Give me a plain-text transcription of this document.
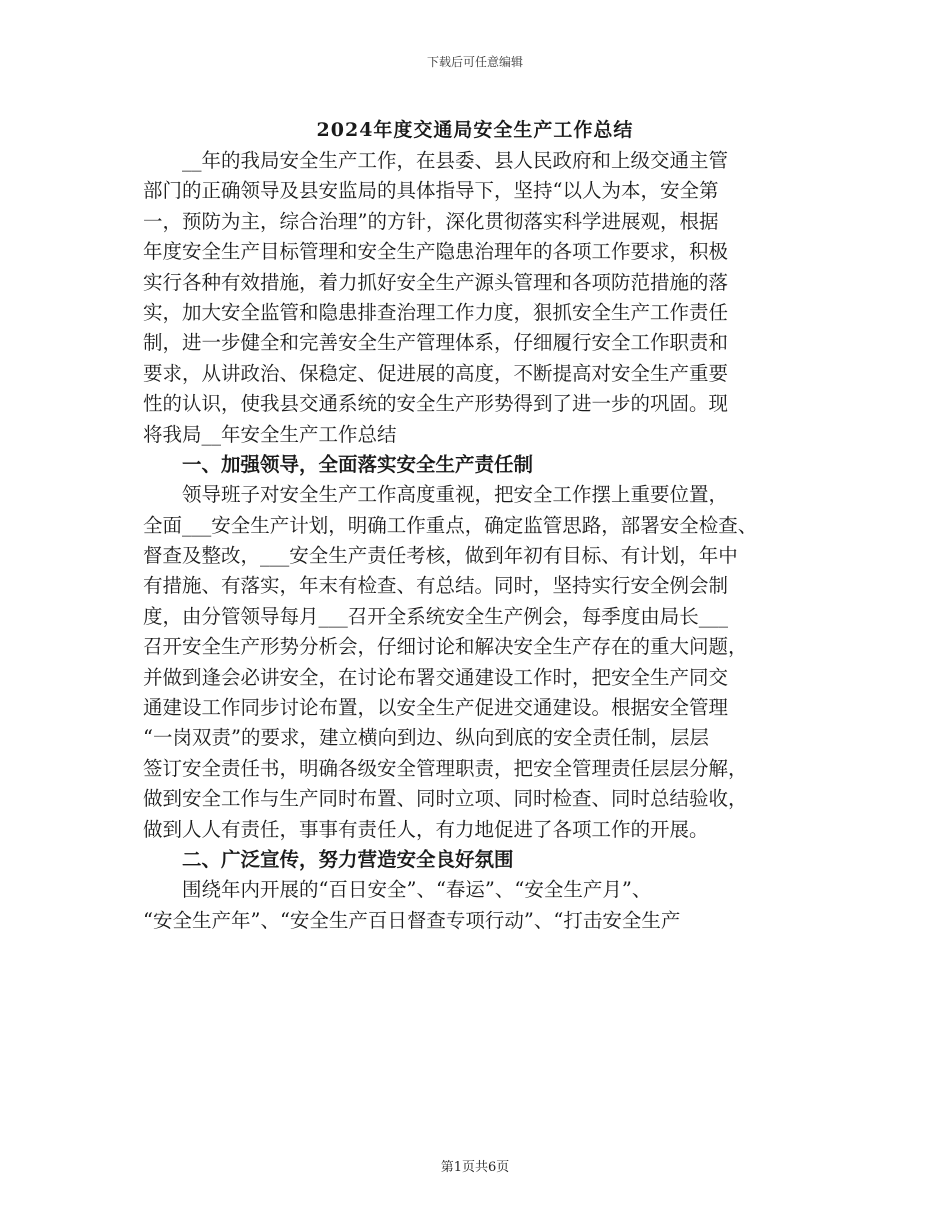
下载后可任意编辑
2024年度交通局安全生产工作总结
　　__年的我局安全生产工作，在县委、县人民政府和上级交通主管
部门的正确领导及县安监局的具体指导下，坚持“以人为本，安全第
一，预防为主，综合治理”的方针，深化贯彻落实科学进展观，根据
年度安全生产目标管理和安全生产隐患治理年的各项工作要求，积极
实行各种有效措施，着力抓好安全生产源头管理和各项防范措施的落
实，加大安全监管和隐患排查治理工作力度，狠抓安全生产工作责任
制，进一步健全和完善安全生产管理体系，仔细履行安全工作职责和
要求，从讲政治、保稳定、促进展的高度，不断提高对安全生产重要
性的认识，使我县交通系统的安全生产形势得到了进一步的巩固。现
将我局__年安全生产工作总结
　　一、加强领导，全面落实安全生产责任制
　　领导班子对安全生产工作高度重视，把安全工作摆上重要位置，
全面___安全生产计划，明确工作重点，确定监管思路，部署安全检查、
督查及整改，___安全生产责任考核，做到年初有目标、有计划，年中
有措施、有落实，年末有检查、有总结。同时，坚持实行安全例会制
度，由分管领导每月___召开全系统安全生产例会，每季度由局长___
召开安全生产形势分析会，仔细讨论和解决安全生产存在的重大问题，
并做到逢会必讲安全，在讨论布署交通建设工作时，把安全生产同交
通建设工作同步讨论布置，以安全生产促进交通建设。根据安全管理
“一岗双责”的要求，建立横向到边、纵向到底的安全责任制，层层
签订安全责任书，明确各级安全管理职责，把安全管理责任层层分解，
做到安全工作与生产同时布置、同时立项、同时检查、同时总结验收，
做到人人有责任，事事有责任人，有力地促进了各项工作的开展。
　　二、广泛宣传，努力营造安全良好氛围
　　围绕年内开展的“百日安全”、“春运”、“安全生产月”、
“安全生产年”、“安全生产百日督查专项行动”、“打击安全生产
第1页共6页
